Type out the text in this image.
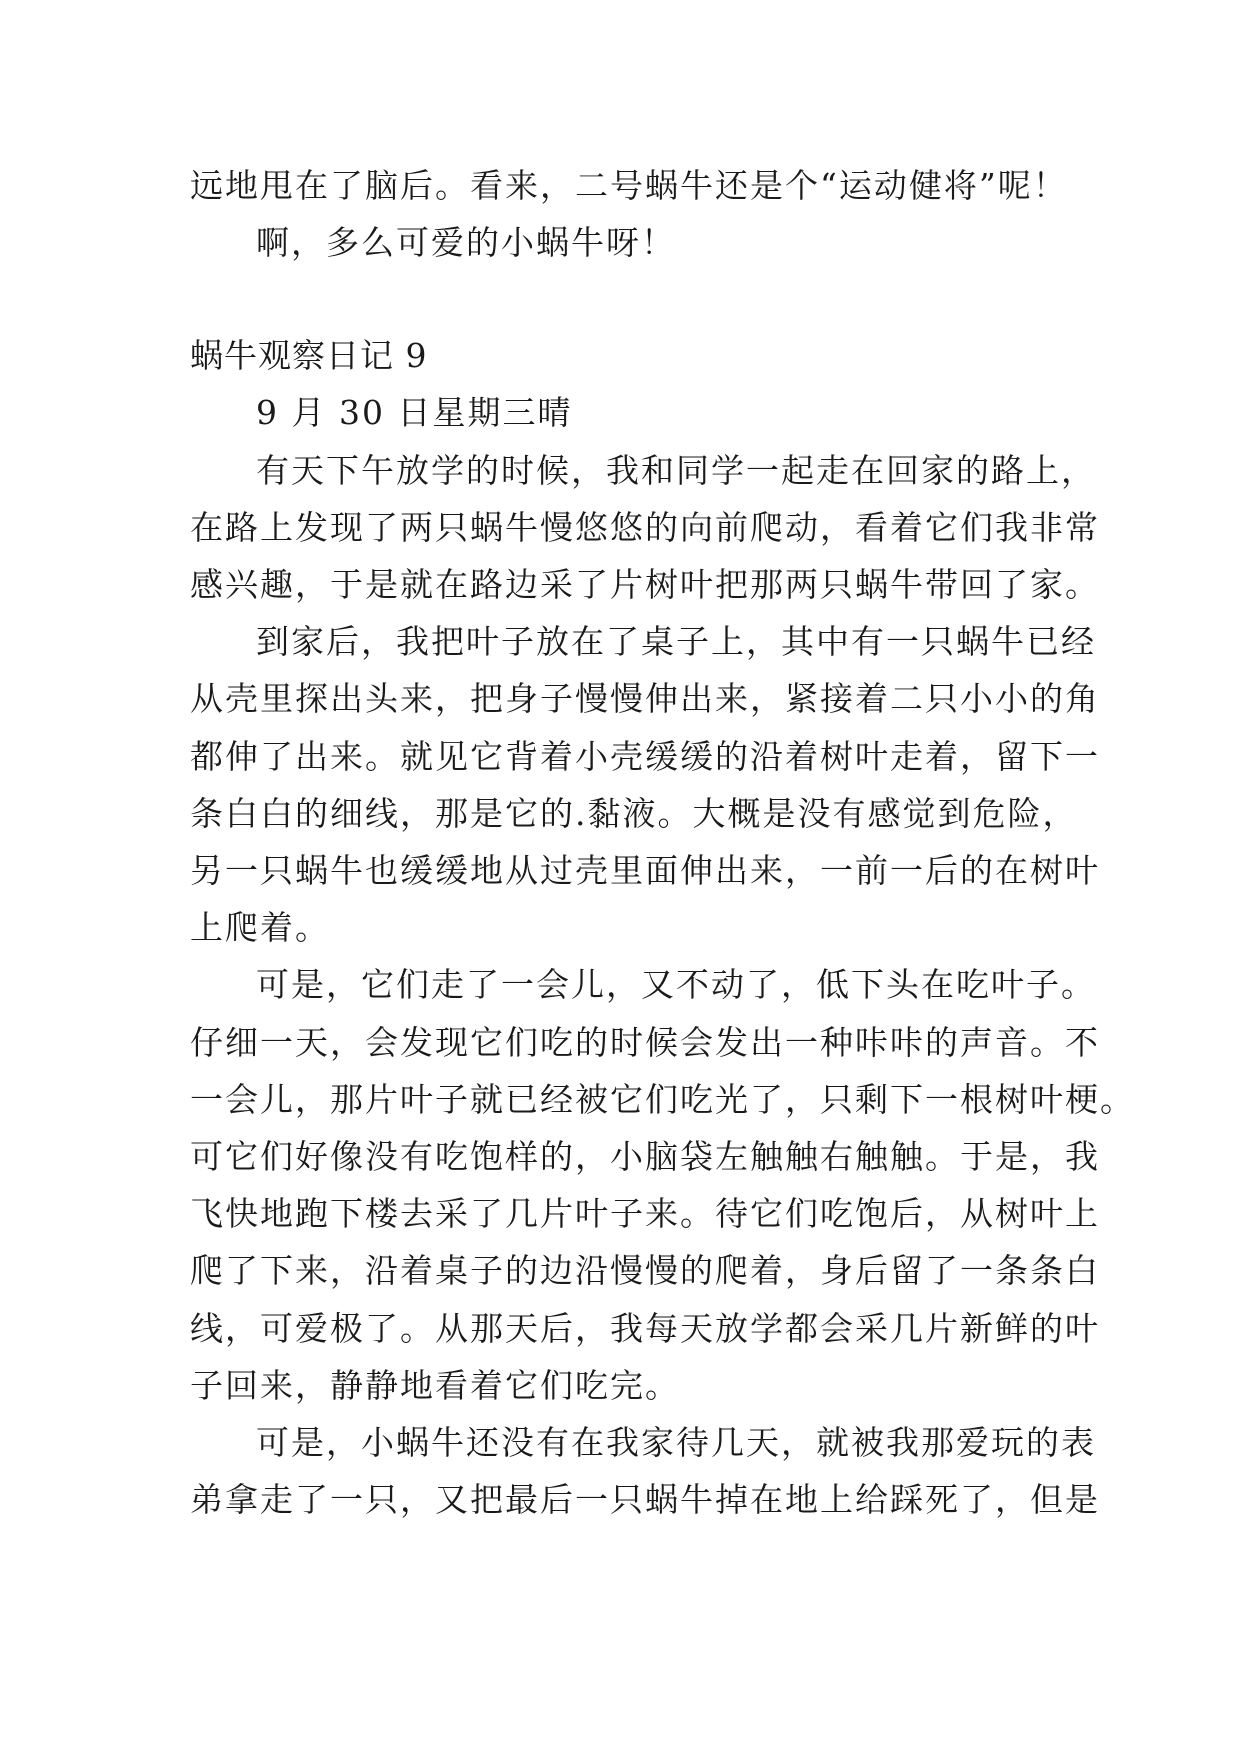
远地甩在了脑后。看来，二号蜗牛还是个“运动健将”呢！
啊，多么可爱的小蜗牛呀！
蜗牛观察日记 9
9 月 30 日星期三晴
有天下午放学的时候，我和同学一起走在回家的路上，
在路上发现了两只蜗牛慢悠悠的向前爬动，看着它们我非常
感兴趣，于是就在路边采了片树叶把那两只蜗牛带回了家。
到家后，我把叶子放在了桌子上，其中有一只蜗牛已经
从壳里探出头来，把身子慢慢伸出来，紧接着二只小小的角
都伸了出来。就见它背着小壳缓缓的沿着树叶走着，留下一
条白白的细线，那是它的.黏液。大概是没有感觉到危险，
另一只蜗牛也缓缓地从过壳里面伸出来，一前一后的在树叶
上爬着。
可是，它们走了一会儿，又不动了，低下头在吃叶子。
仔细一天，会发现它们吃的时候会发出一种咔咔的声音。不
一会儿，那片叶子就已经被它们吃光了，只剩下一根树叶梗。
可它们好像没有吃饱样的，小脑袋左触触右触触。于是，我
飞快地跑下楼去采了几片叶子来。待它们吃饱后，从树叶上
爬了下来，沿着桌子的边沿慢慢的爬着，身后留了一条条白
线，可爱极了。从那天后，我每天放学都会采几片新鲜的叶
子回来，静静地看着它们吃完。
可是，小蜗牛还没有在我家待几天，就被我那爱玩的表
弟拿走了一只，又把最后一只蜗牛掉在地上给踩死了，但是
